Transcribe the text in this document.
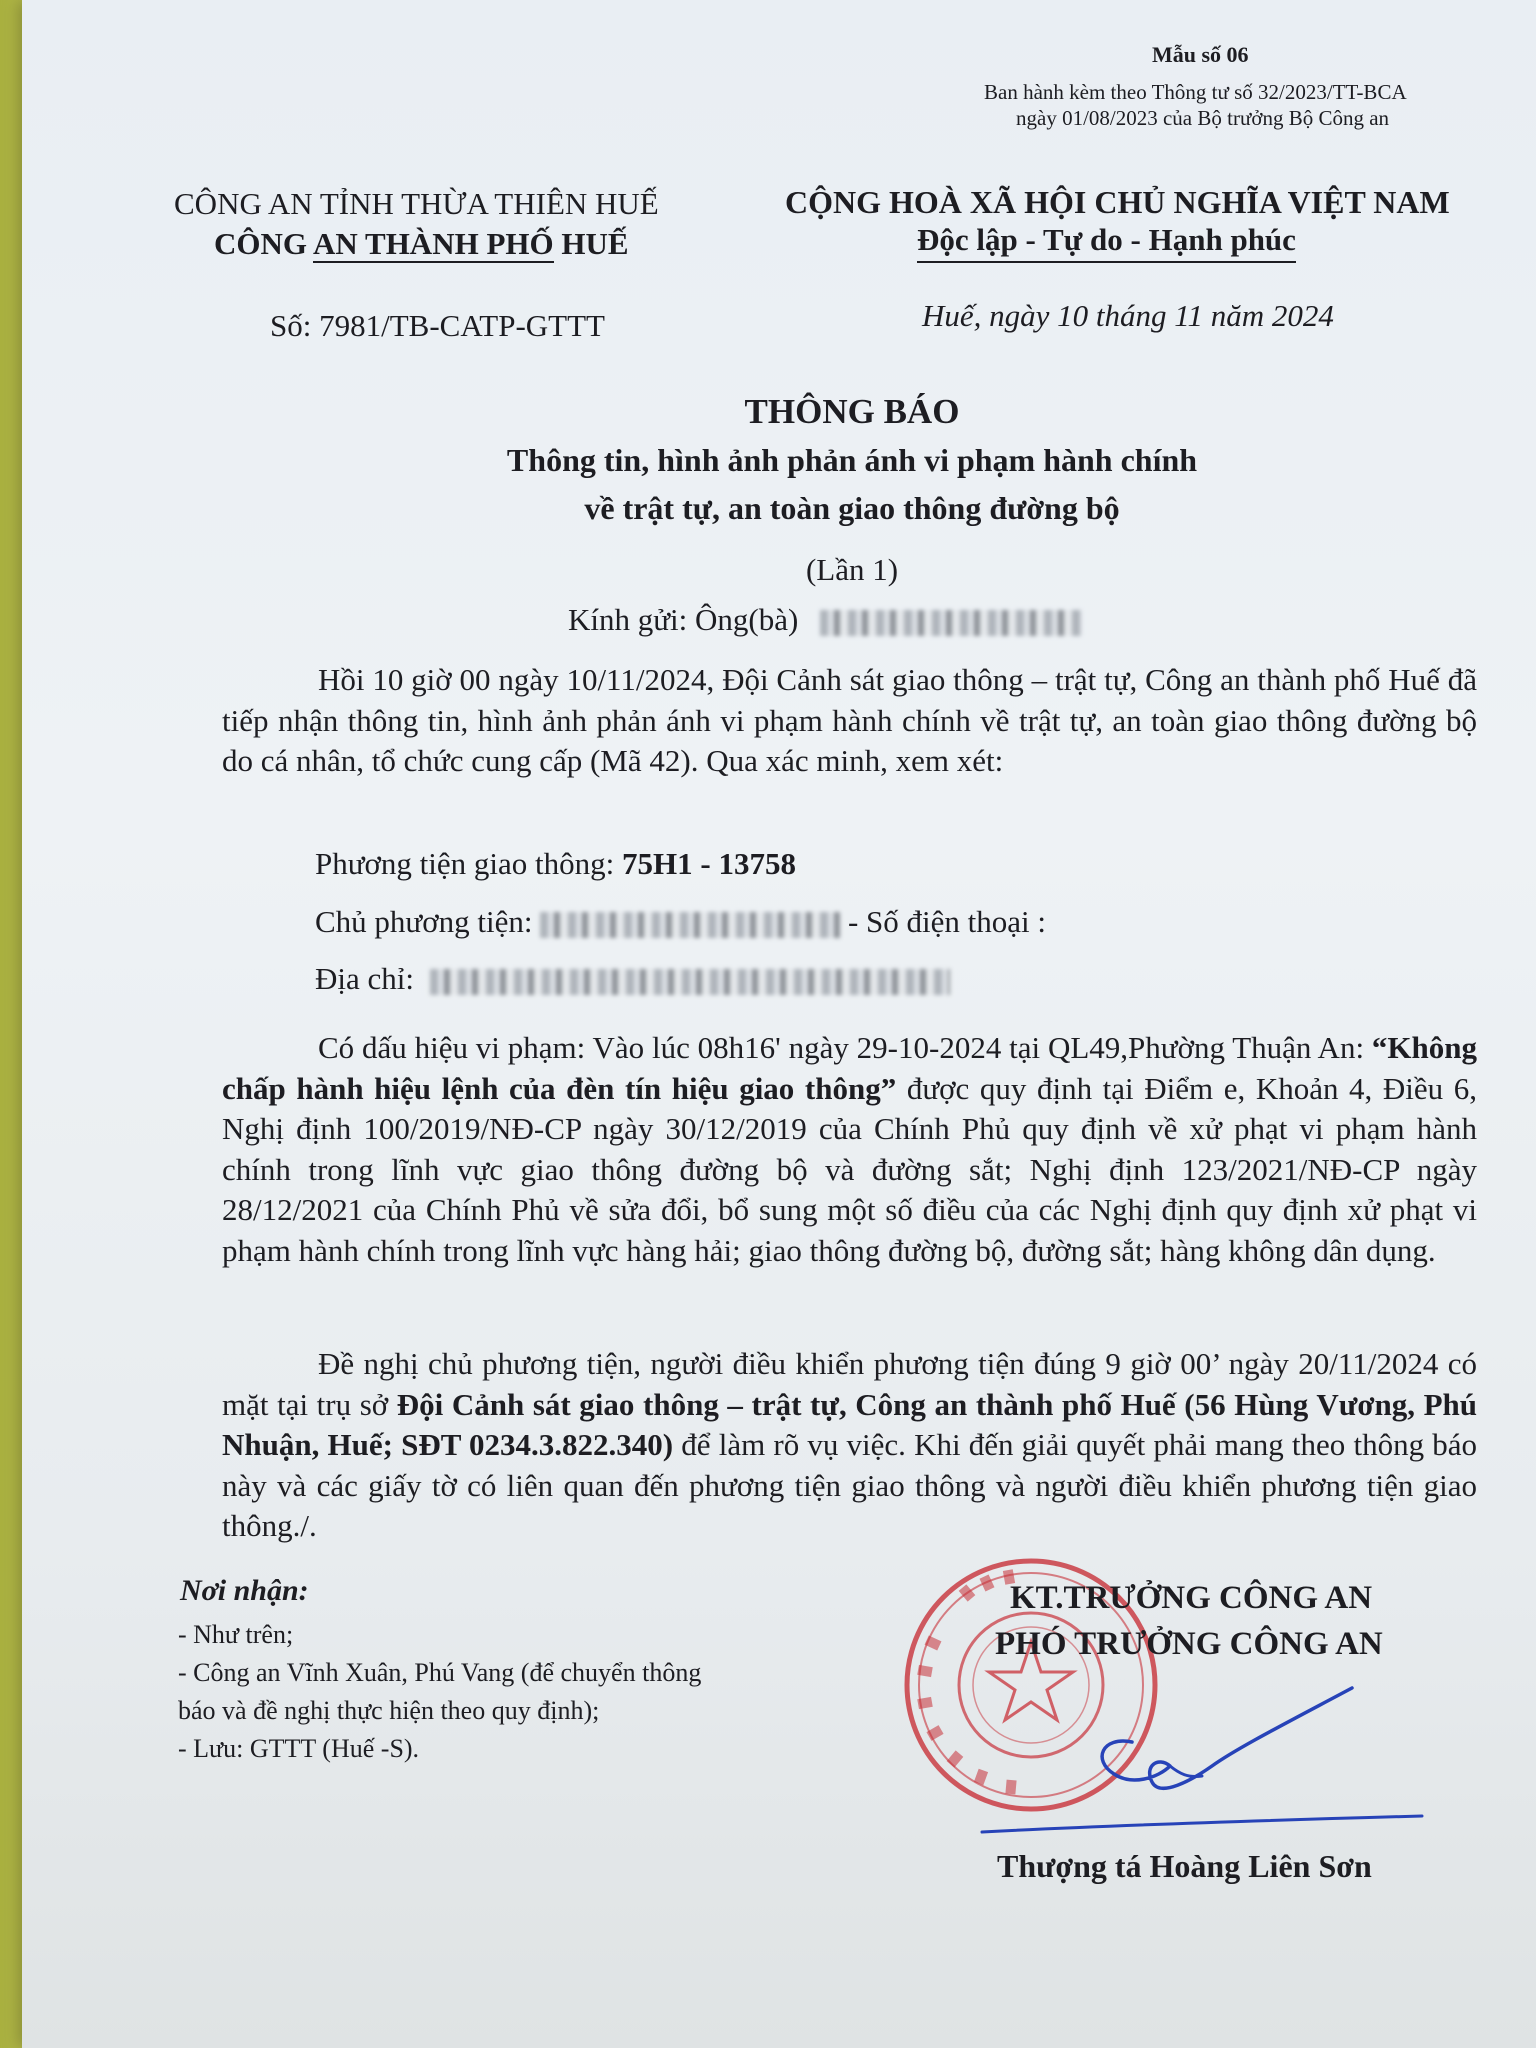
Mẫu số 06
Ban hành kèm theo Thông tư số 32/2023/TT-BCA
ngày 01/08/2023 của Bộ trưởng Bộ Công an
CÔNG AN TỈNH THỪA THIÊN HUẾ
CÔNG AN THÀNH PHỐ HUẾ
Số: 7981/TB-CATP-GTTT
CỘNG HOÀ XÃ HỘI CHỦ NGHĨA VIỆT NAM
Độc lập - Tự do - Hạnh phúc
Huế, ngày 10 tháng 11 năm 2024
THÔNG BÁO
Thông tin, hình ảnh phản ánh vi phạm hành chính
về trật tự, an toàn giao thông đường bộ
(Lần 1)
Kính gửi: Ông(bà)
Hồi 10 giờ 00 ngày 10/11/2024, Đội Cảnh sát giao thông – trật tự, Công an thành phố Huế đã tiếp nhận thông tin, hình ảnh phản ánh vi phạm hành chính về trật tự, an toàn giao thông đường bộ do cá nhân, tổ chức cung cấp (Mã 42). Qua xác minh, xem xét:
Phương tiện giao thông: 75H1 - 13758
Chủ phương tiện:	- Số điện thoại :
Địa chỉ:
Có dấu hiệu vi phạm: Vào lúc 08h16' ngày 29-10-2024 tại QL49,Phường Thuận An: “Không chấp hành hiệu lệnh của đèn tín hiệu giao thông” được quy định tại Điểm e, Khoản 4, Điều 6, Nghị định 100/2019/NĐ-CP ngày 30/12/2019 của Chính Phủ quy định về xử phạt vi phạm hành chính trong lĩnh vực giao thông đường bộ và đường sắt; Nghị định 123/2021/NĐ-CP ngày 28/12/2021 của Chính Phủ về sửa đổi, bổ sung một số điều của các Nghị định quy định xử phạt vi phạm hành chính trong lĩnh vực hàng hải; giao thông đường bộ, đường sắt; hàng không dân dụng.
Đề nghị chủ phương tiện, người điều khiển phương tiện đúng 9 giờ 00’ ngày 20/11/2024 có mặt tại trụ sở Đội Cảnh sát giao thông – trật tự, Công an thành phố Huế (56 Hùng Vương, Phú Nhuận, Huế; SĐT 0234.3.822.340) để làm rõ vụ việc. Khi đến giải quyết phải mang theo thông báo này và các giấy tờ có liên quan đến phương tiện giao thông và người điều khiển phương tiện giao thông./.
Nơi nhận:
- Như trên;
- Công an Vĩnh Xuân, Phú Vang (để chuyển thông
báo và đề nghị thực hiện theo quy định);
- Lưu: GTTT (Huế -S).
KT.TRƯỞNG CÔNG AN
PHÓ TRƯỞNG CÔNG AN
Thượng tá Hoàng Liên Sơn
